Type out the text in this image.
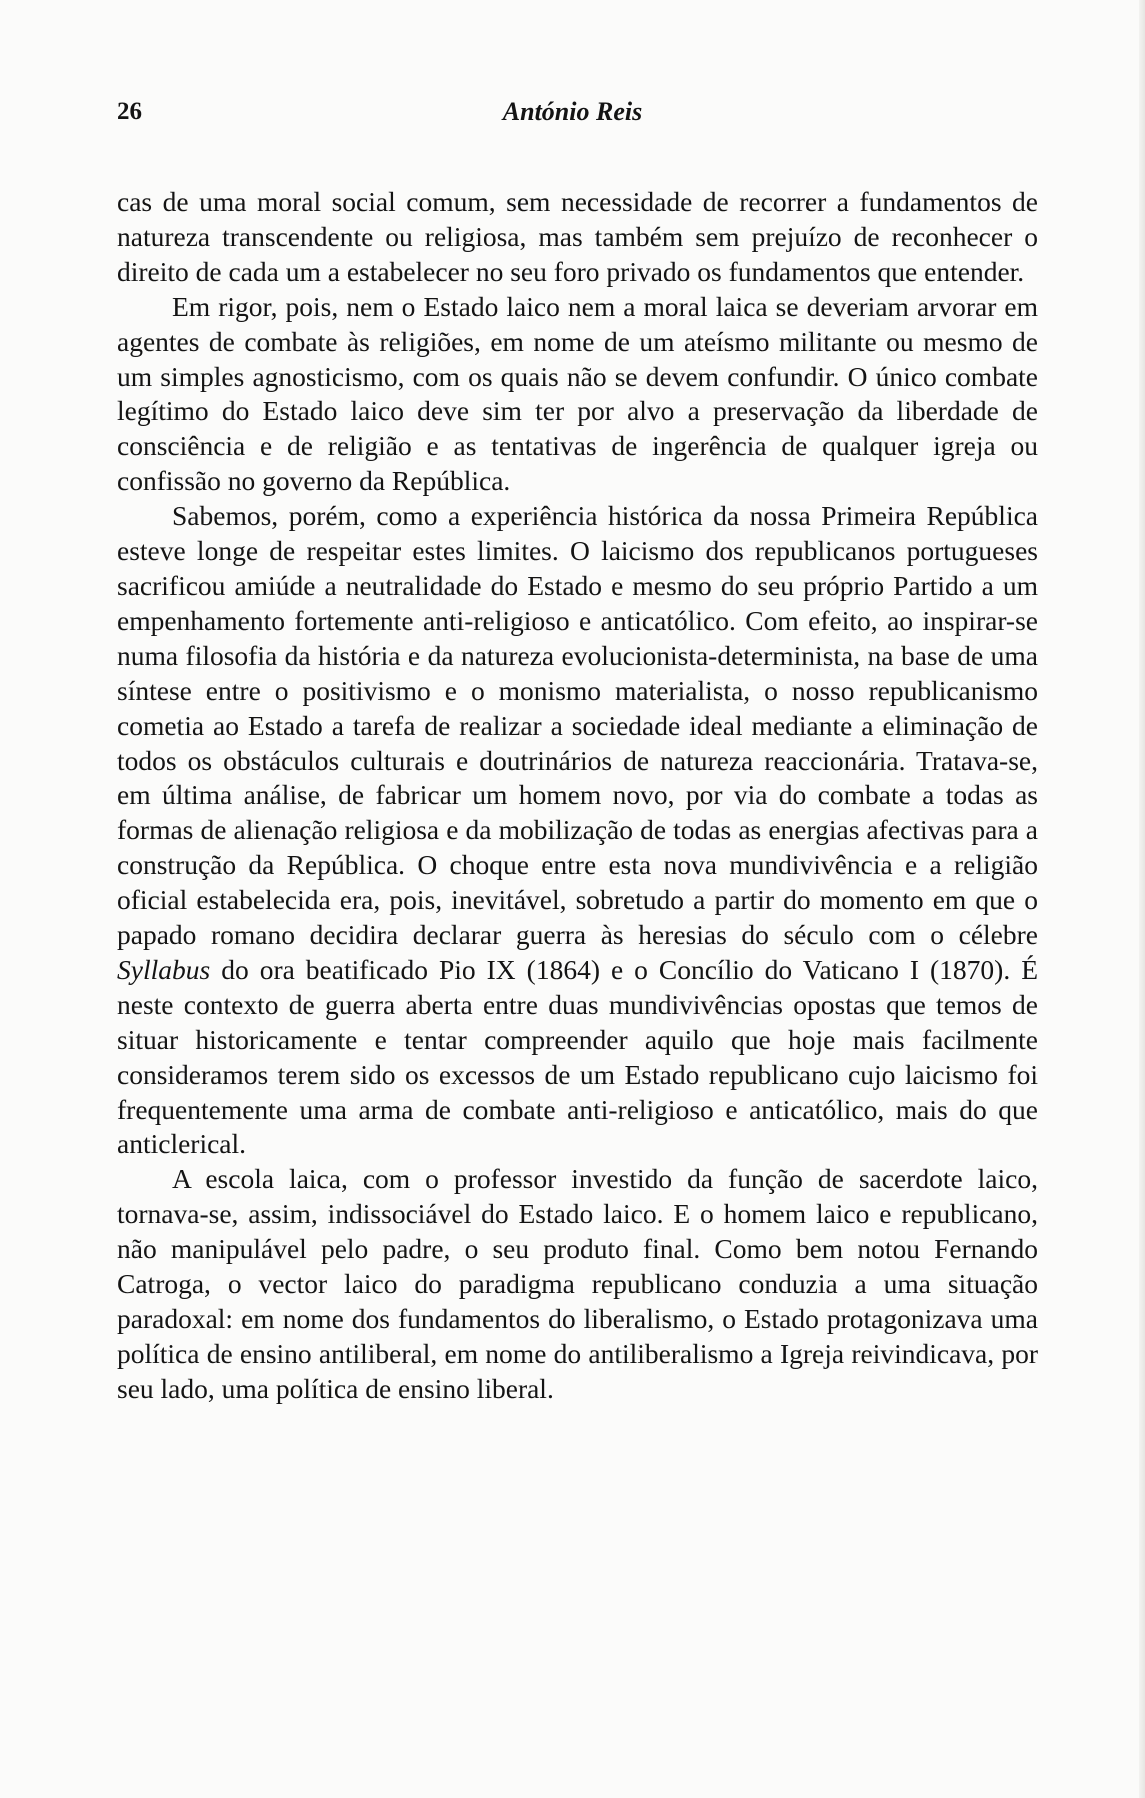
26	António Reis

cas de uma moral social comum, sem necessidade de recorrer a fundamentos de natureza transcendente ou religiosa, mas também sem prejuízo de reconhecer o direito de cada um a estabelecer no seu foro privado os fundamentos que entender.

Em rigor, pois, nem o Estado laico nem a moral laica se deveriam arvorar em agentes de combate às religiões, em nome de um ateísmo militante ou mesmo de um simples agnosticismo, com os quais não se devem confundir. O único combate legítimo do Estado laico deve sim ter por alvo a preservação da liberdade de consciência e de religião e as tentativas de ingerência de qualquer igreja ou confissão no governo da República.

Sabemos, porém, como a experiência histórica da nossa Primeira República esteve longe de respeitar estes limites. O laicismo dos republicanos portugueses sacrificou amiúde a neutralidade do Estado e mesmo do seu próprio Partido a um empenhamento fortemente anti-religioso e anticatólico. Com efeito, ao inspirar-se numa filosofia da história e da natureza evolucionista-determinista, na base de uma síntese entre o positivismo e o monismo materialista, o nosso republicanismo cometia ao Estado a tarefa de realizar a sociedade ideal mediante a eliminação de todos os obstáculos culturais e doutrinários de natureza reaccionária. Tratava-se, em última análise, de fabricar um homem novo, por via do combate a todas as formas de alienação religiosa e da mobilização de todas as energias afectivas para a construção da República. O choque entre esta nova mundivivência e a religião oficial estabelecida era, pois, inevitável, sobretudo a partir do momento em que o papado romano decidira declarar guerra às heresias do século com o célebre Syllabus do ora beatificado Pio IX (1864) e o Concílio do Vaticano I (1870). É neste contexto de guerra aberta entre duas mundivivências opostas que temos de situar historicamente e tentar compreender aquilo que hoje mais facilmente consideramos terem sido os excessos de um Estado republicano cujo laicismo foi frequentemente uma arma de combate anti-religioso e anticatólico, mais do que anticlerical.

A escola laica, com o professor investido da função de sacerdote laico, tornava-se, assim, indissociável do Estado laico. E o homem laico e republicano, não manipulável pelo padre, o seu produto final. Como bem notou Fernando Catroga, o vector laico do paradigma republicano conduzia a uma situação paradoxal: em nome dos fundamentos do liberalismo, o Estado protagonizava uma política de ensino antiliberal, em nome do antiliberalismo a Igreja reivindicava, por seu lado, uma política de ensino liberal.
